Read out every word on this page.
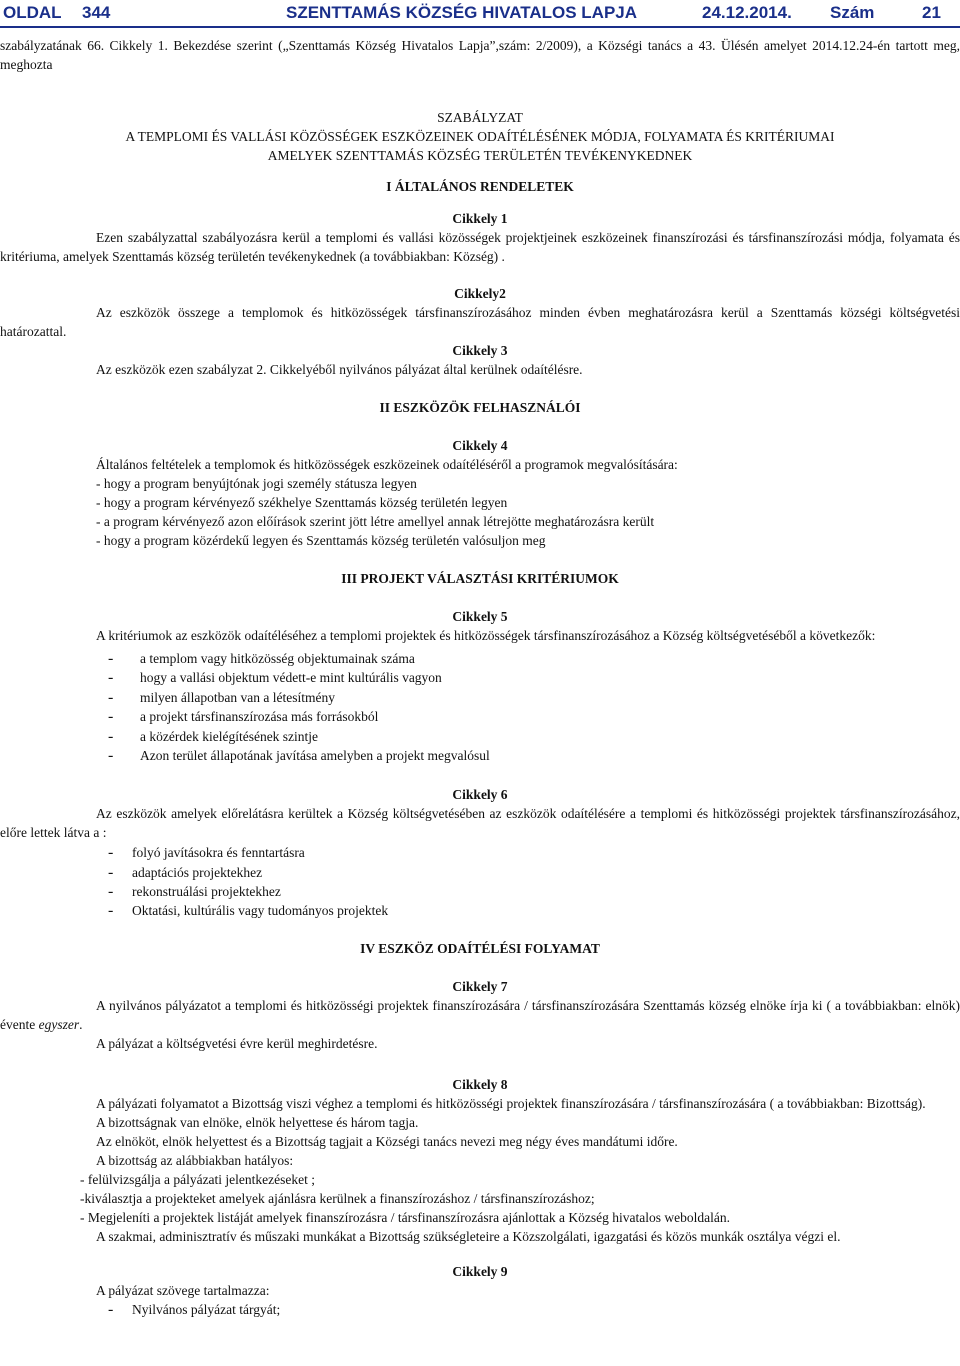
OLDAL 344	SZENTTAMÁS KÖZSÉG HIVATALOS LAPJA	24.12.2014. Szám	21

szabályzatának 66. Cikkely 1. Bekezdése szerint („Szenttamás Község Hivatalos Lapja”,szám: 2/2009), a Községi tanács a 43. Ülésén amelyet 2014.12.24-én tartott meg, meghozta

SZABÁLYZAT

A TEMPLOMI ÉS VALLÁSI KÖZÖSSÉGEK ESZKÖZEINEK ODAÍTÉLÉSÉNEK MÓDJA, FOLYAMATA ÉS KRITÉRIUMAI

AMELYEK SZENTTAMÁS KÖZSÉG TERÜLETÉN TEVÉKENYKEDNEK

I ÁLTALÁNOS RENDELETEK

Cikkely 1

Ezen szabályzattal szabályozásra kerül a templomi és vallási közösségek projektjeinek eszközeinek finanszírozási és társfinanszírozási módja, folyamata és kritériuma, amelyek Szenttamás község területén tevékenykednek (a továbbiakban: Község) .

Cikkely2

Az eszközök összege a templomok és hitközösségek társfinanszírozásához minden évben meghatározásra kerül a Szenttamás községi költségvetési határozattal.

Cikkely 3

Az eszközök ezen szabályzat 2. Cikkelyéből nyilvános pályázat által kerülnek odaítélésre.

II ESZKÖZÖK FELHASZNÁLÓI

Cikkely 4

Általános feltételek a templomok és hitközösségek eszközeinek odaítéléséről a programok megvalósítására:

- hogy a program benyújtónak jogi személy státusza legyen

- hogy a program kérvényező székhelye Szenttamás község területén legyen

- a program kérvényező azon előírások szerint jött létre amellyel annak létrejötte meghatározásra került

- hogy a program közérdekű legyen és Szenttamás község területén valósuljon meg

III PROJEKT VÁLASZTÁSI KRITÉRIUMOK

Cikkely 5

A kritériumok az eszközök odaítéléséhez a templomi projektek és hitközösségek társfinanszírozásához a Község költségvetéséből a következők:

- a templom vagy hitközösség objektumainak száma
- hogy a vallási objektum védett-e mint kultúrális vagyon
- milyen állapotban van a létesítmény
- a projekt társfinanszírozása más forrásokból
- a közérdek kielégítésének szintje
- Azon terület állapotának javítása amelyben a projekt megvalósul

Cikkely 6

Az eszközök amelyek előrelátásra kerültek a Község költségvetésében az eszközök odaítélésére a templomi és hitközösségi projektek társfinanszírozásához, előre lettek látva a :

- folyó javításokra és fenntartásra
- adaptációs projektekhez
- rekonstruálási projektekhez
- Oktatási, kultúrális vagy tudományos projektek

IV ESZKÖZ ODAÍTÉLÉSI FOLYAMAT

Cikkely 7

A nyilvános pályázatot a templomi és hitközösségi projektek finanszírozására / társfinanszírozására Szenttamás község elnöke írja ki ( a továbbiakban: elnök) évente egyszer.

A pályázat a költségvetési évre kerül meghirdetésre.

Cikkely 8

A pályázati folyamatot a Bizottság viszi véghez a templomi és hitközösségi projektek finanszírozására / társfinanszírozására ( a továbbiakban: Bizottság).

A bizottságnak van elnöke, elnök helyettese és három tagja.

Az elnököt, elnök helyettest és a Bizottság tagjait a Községi tanács nevezi meg négy éves mandátumi időre.

A bizottság az alábbiakban hatályos:

- felülvizsgálja a pályázati jelentkezéseket ;

-kiválasztja a projekteket amelyek ajánlásra kerülnek a finanszírozáshoz / társfinanszírozáshoz;

- Megjeleníti a projektek listáját amelyek finanszírozásra / társfinanszírozásra ajánlottak a Község hivatalos weboldalán.

A szakmai, adminisztratív és műszaki munkákat a Bizottság szükségleteire a Közszolgálati, igazgatási és közös munkák osztálya végzi el.

Cikkely 9

A pályázat szövege tartalmazza:

- Nyilvános pályázat tárgyát;
